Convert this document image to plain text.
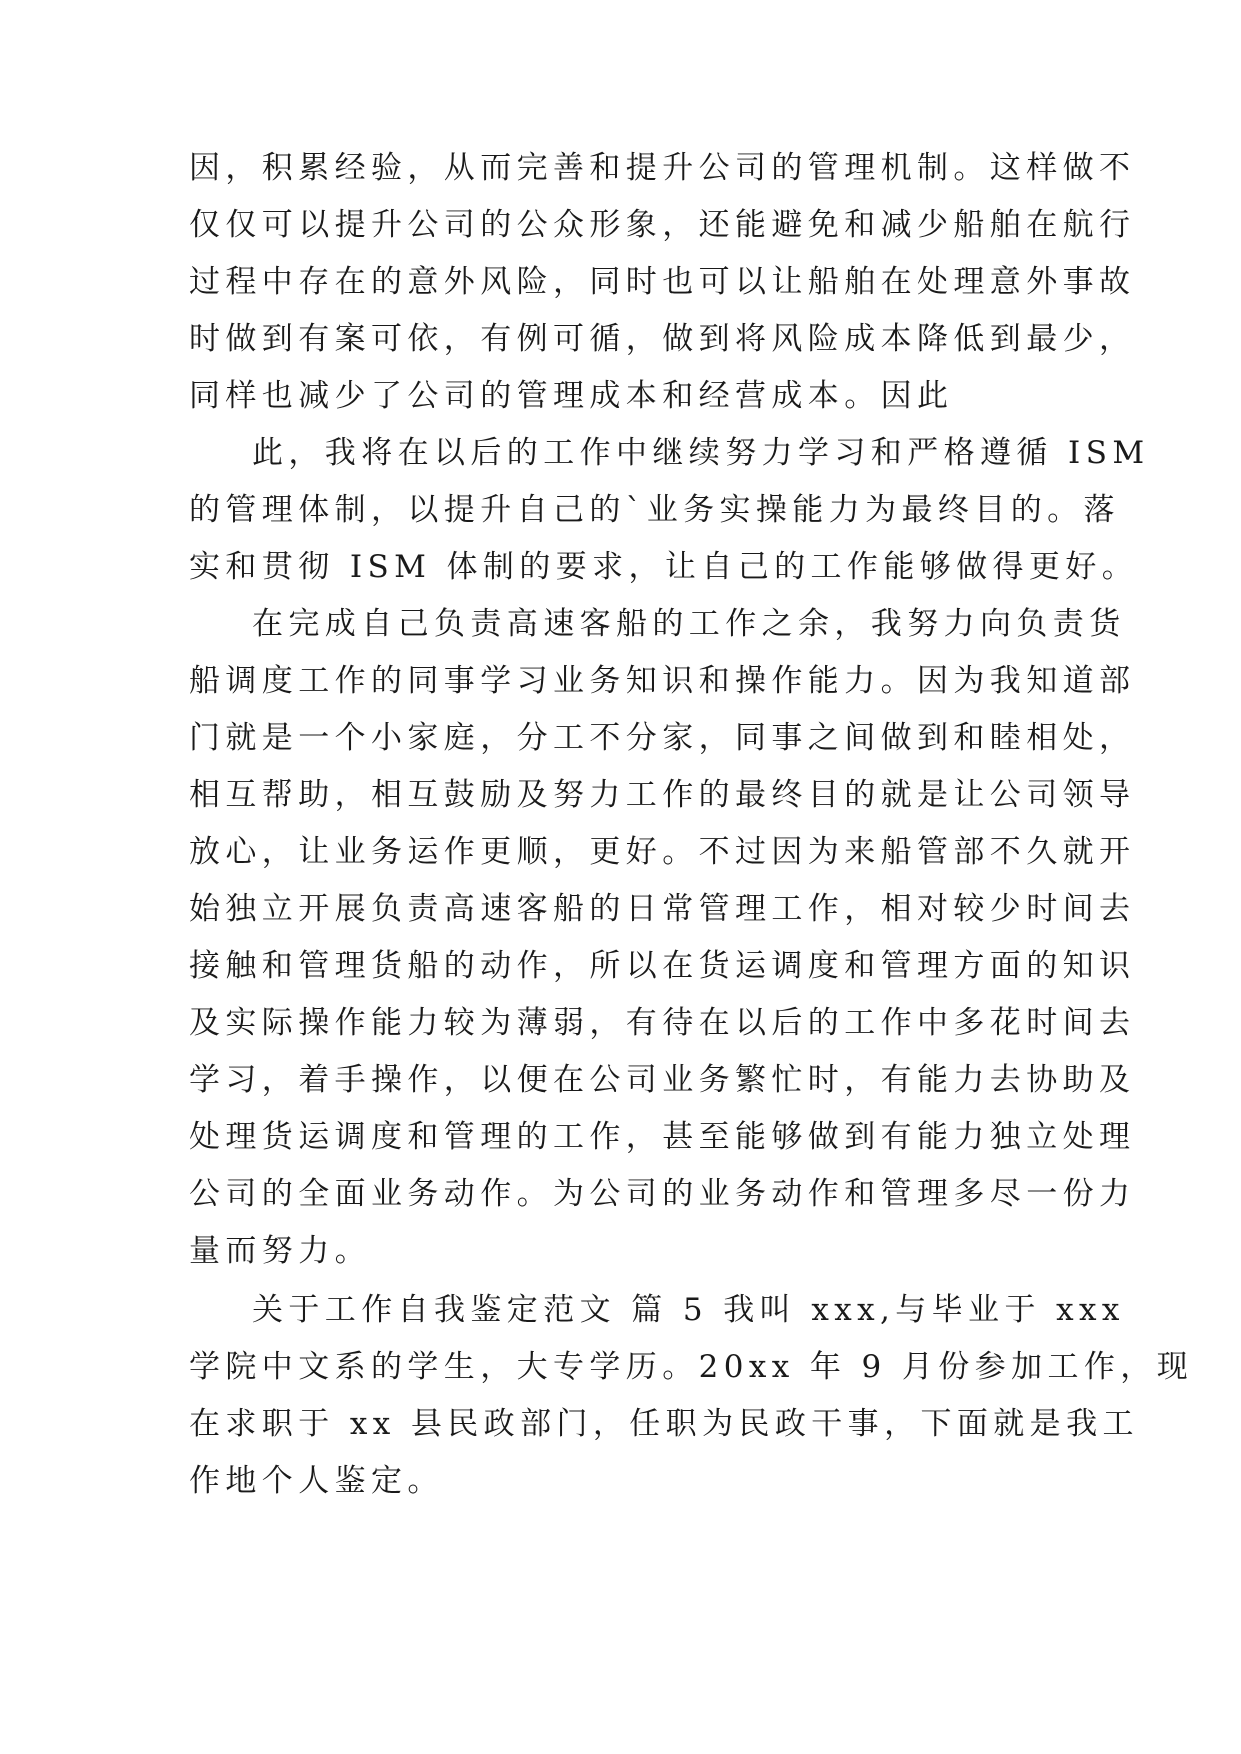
因，积累经验，从而完善和提升公司的管理机制。这样做不
仅仅可以提升公司的公众形象，还能避免和减少船舶在航行
过程中存在的意外风险，同时也可以让船舶在处理意外事故
时做到有案可依，有例可循，做到将风险成本降低到最少，
同样也减少了公司的管理成本和经营成本。因此
此，我将在以后的工作中继续努力学习和严格遵循 ISM
的管理体制，以提升自己的`业务实操能力为最终目的。落
实和贯彻 ISM 体制的要求，让自己的工作能够做得更好。
在完成自己负责高速客船的工作之余，我努力向负责货
船调度工作的同事学习业务知识和操作能力。因为我知道部
门就是一个小家庭，分工不分家，同事之间做到和睦相处，
相互帮助，相互鼓励及努力工作的最终目的就是让公司领导
放心，让业务运作更顺，更好。不过因为来船管部不久就开
始独立开展负责高速客船的日常管理工作，相对较少时间去
接触和管理货船的动作，所以在货运调度和管理方面的知识
及实际操作能力较为薄弱，有待在以后的工作中多花时间去
学习，着手操作，以便在公司业务繁忙时，有能力去协助及
处理货运调度和管理的工作，甚至能够做到有能力独立处理
公司的全面业务动作。为公司的业务动作和管理多尽一份力
量而努力。
关于工作自我鉴定范文 篇 5 我叫 xxx,与毕业于 xxx
学院中文系的学生，大专学历。20xx 年 9 月份参加工作，现
在求职于 xx 县民政部门，任职为民政干事，下面就是我工
作地个人鉴定。
